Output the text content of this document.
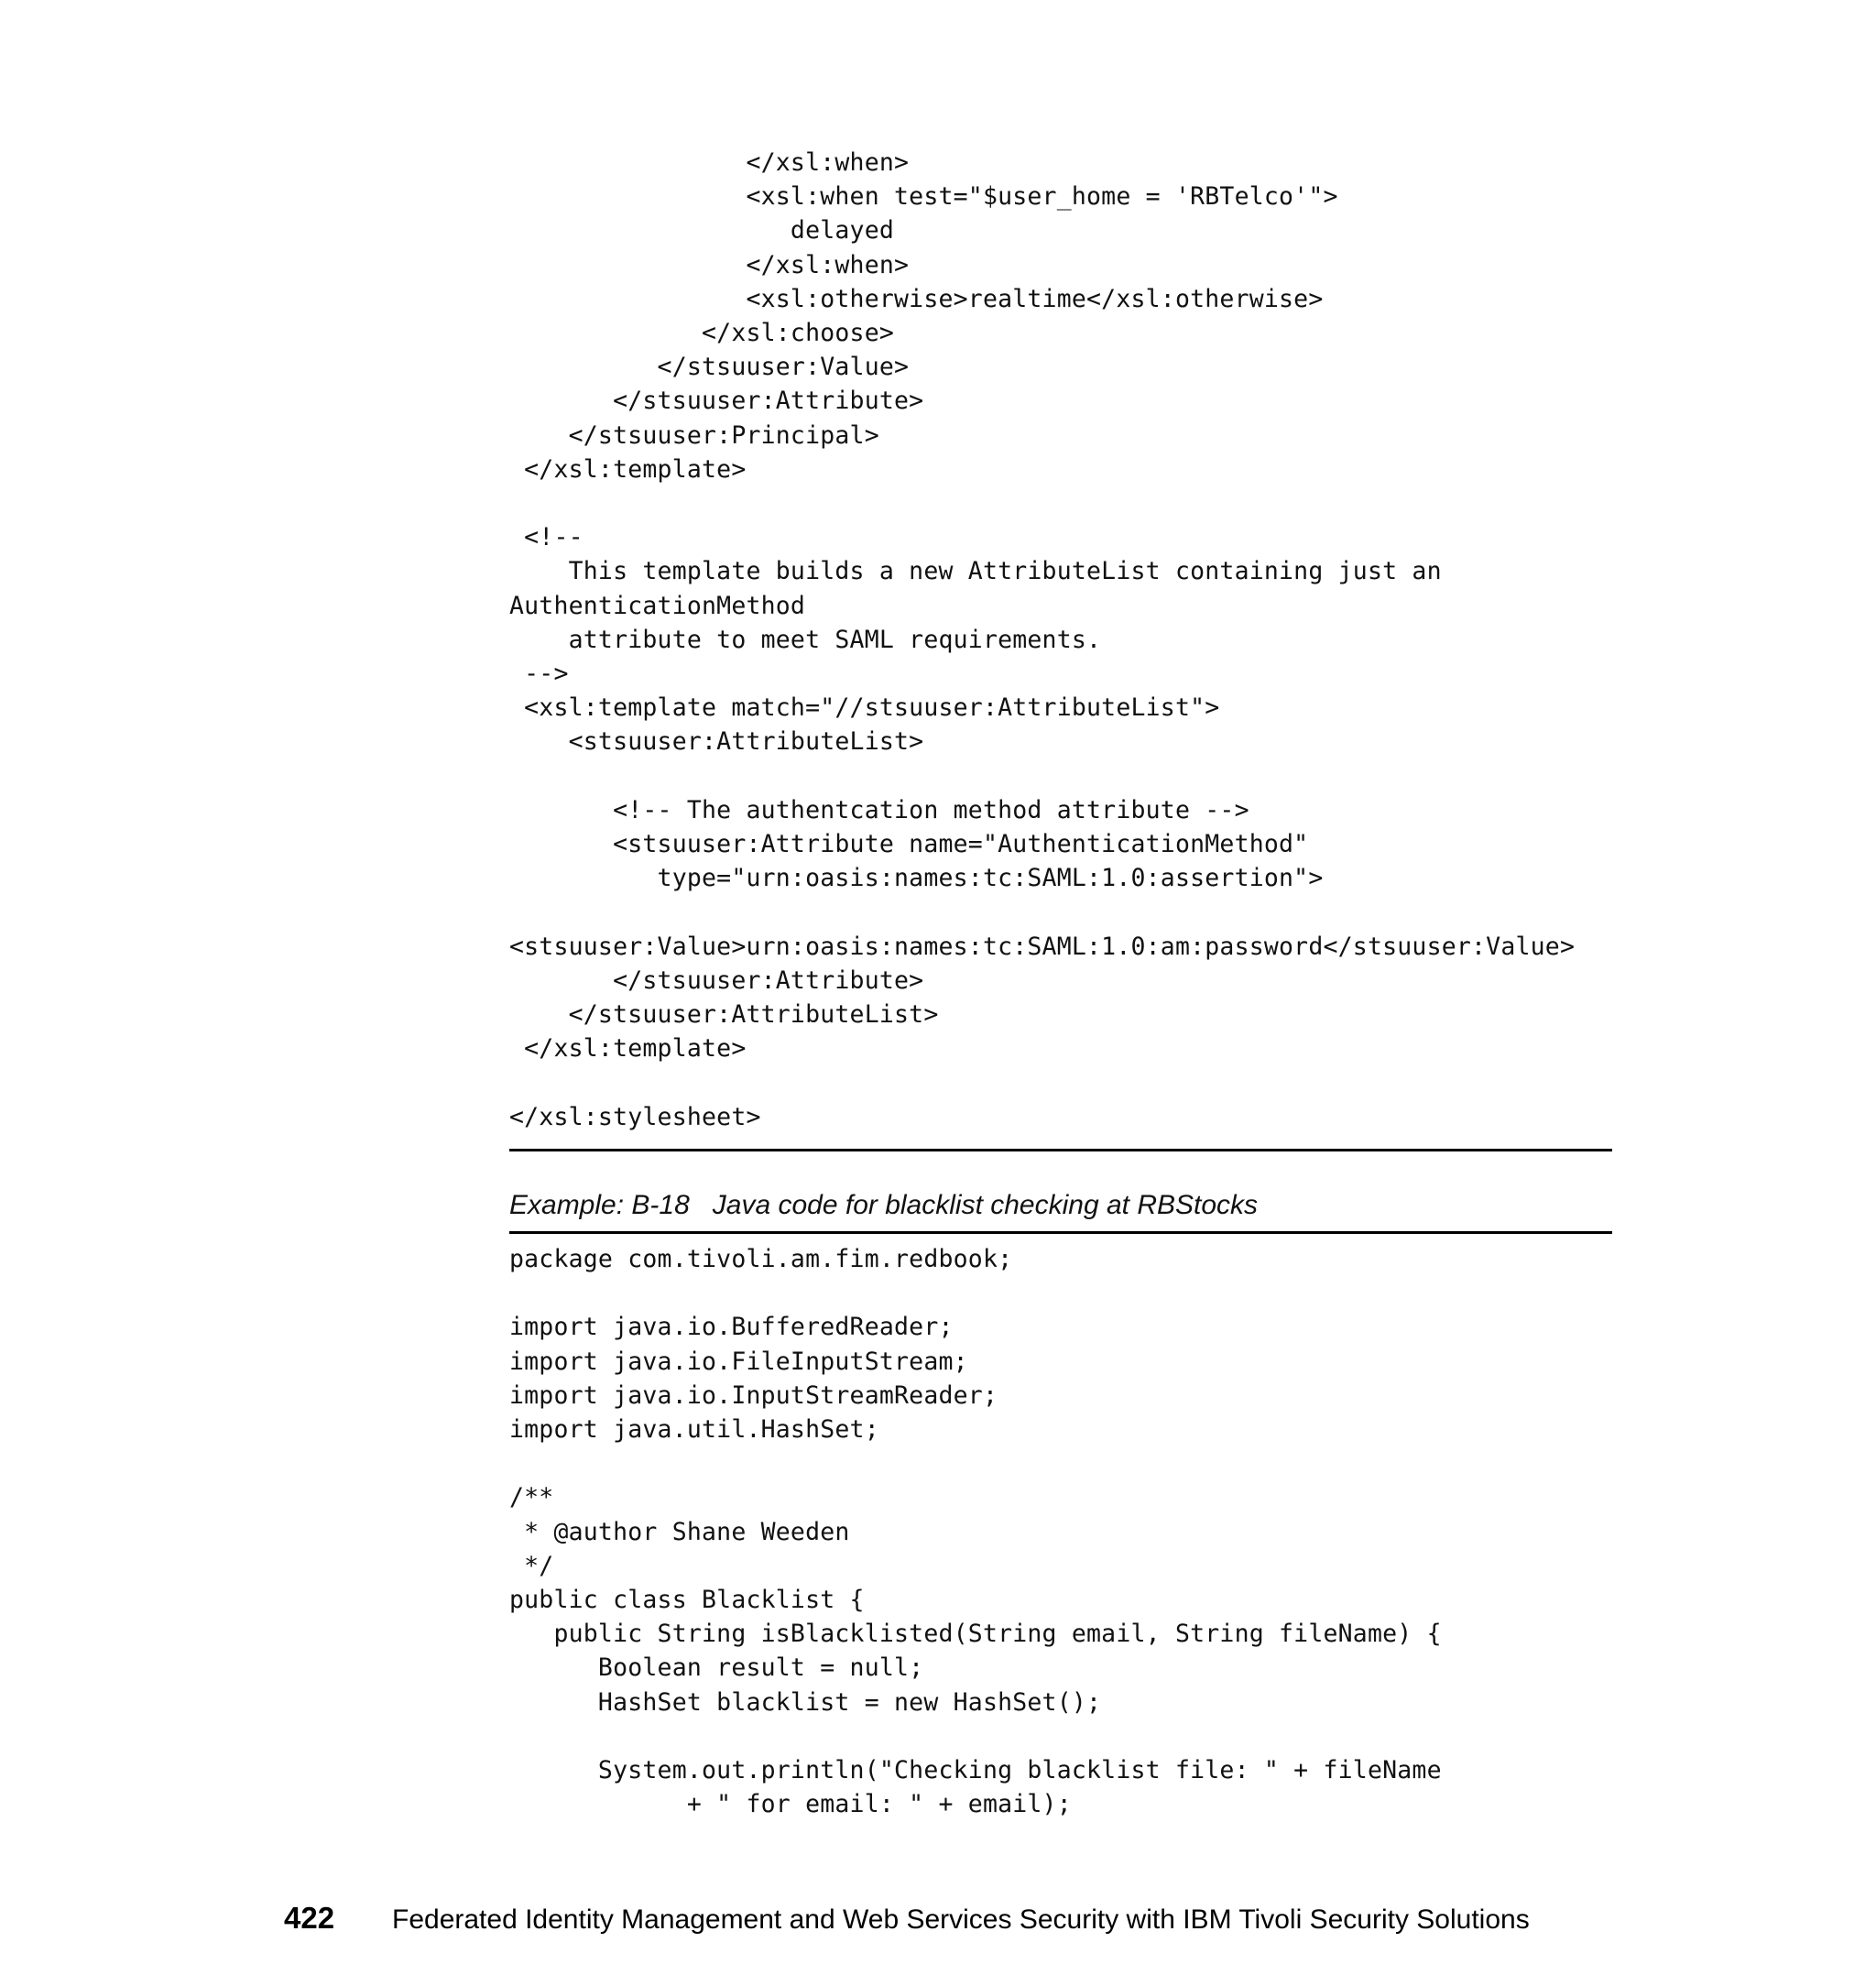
</xsl:when>
<xsl:when test="$user_home = 'RBTelco'">
delayed
</xsl:when>
<xsl:otherwise>realtime</xsl:otherwise>
</xsl:choose>
</stsuuser:Value>
</stsuuser:Attribute>
</stsuuser:Principal>
</xsl:template>

<!--
This template builds a new AttributeList containing just an
AuthenticationMethod
attribute to meet SAML requirements.
-->
<xsl:template match="//stsuuser:AttributeList">
<stsuuser:AttributeList>

<!-- The authentcation method attribute -->
<stsuuser:Attribute name="AuthenticationMethod"
type="urn:oasis:names:tc:SAML:1.0:assertion">

<stsuuser:Value>urn:oasis:names:tc:SAML:1.0:am:password</stsuuser:Value>
</stsuuser:Attribute>
</stsuuser:AttributeList>
</xsl:template>

</xsl:stylesheet>
Example: B-18   Java code for blacklist checking at RBStocks
package com.tivoli.am.fim.redbook;

import java.io.BufferedReader;
import java.io.FileInputStream;
import java.io.InputStreamReader;
import java.util.HashSet;

/**
* @author Shane Weeden
*/
public class Blacklist {
public String isBlacklisted(String email, String fileName) {
Boolean result = null;
HashSet blacklist = new HashSet();

System.out.println("Checking blacklist file: " + fileName
+ " for email: " + email);
422 Federated Identity Management and Web Services Security with IBM Tivoli Security Solutions
